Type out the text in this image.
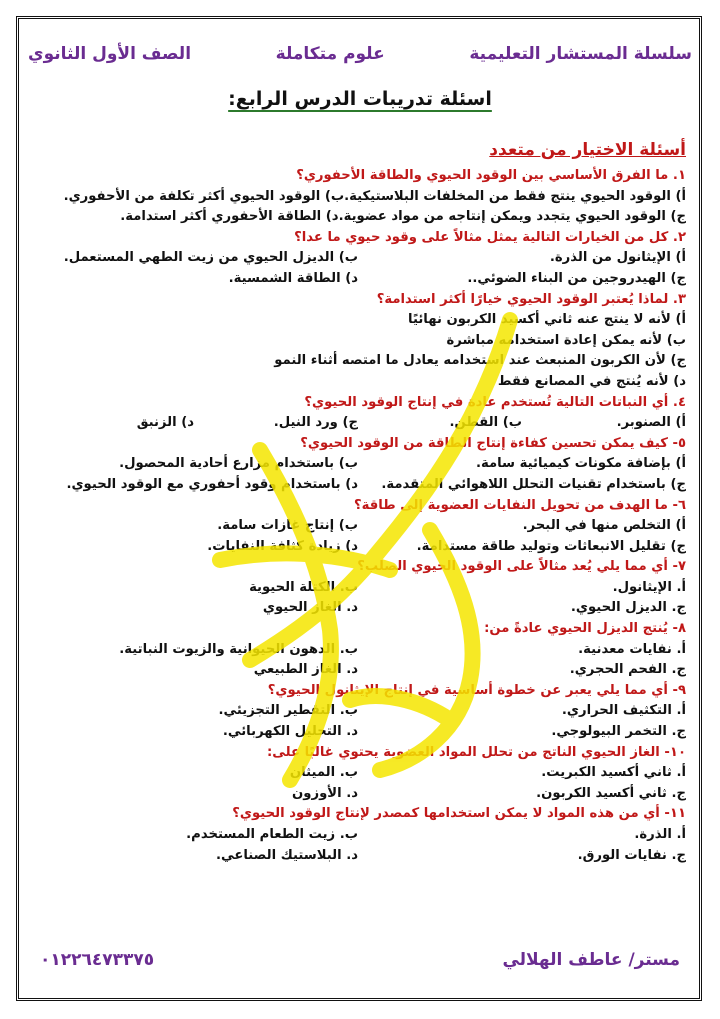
سلسلة المستشار التعليمية
علوم متكاملة
الصف الأول الثانوي
اسئلة تدريبات الدرس الرابع:
أسئلة الاختيار من متعدد
١. ما الفرق الأساسي بين الوقود الحيوي والطاقة الأحفوري؟
أ) الوقود الحيوي ينتج فقط من المخلفات البلاستيكية.
ب) الوقود الحيوي أكثر تكلفة من الأحفوري.
ج) الوقود الحيوي يتجدد ويمكن إنتاجه من مواد عضوية.
د) الطاقة الأحفوري أكثر استدامة.
٢. كل من الخيارات التالية يمثل مثالاً على وقود حيوي ما عدا؟
أ) الإيثانول من الذرة.
ب) الديزل الحيوي من زيت الطهي المستعمل.
ج) الهيدروجين من البناء الضوئي..
د) الطاقة الشمسية.
٣. لماذا يُعتبر الوقود الحيوي خيارًا أكثر استدامة؟
أ) لأنه لا ينتج عنه ثاني أكسيد الكربون نهائيًا
ب) لأنه يمكن إعادة استخدامه مباشرة
ج) لأن الكربون المنبعث عند استخدامه يعادل ما امتصه أثناء النمو
د) لأنه يُنتج في المصانع فقط
٤. أي النباتات التالية تُستخدم عادة في إنتاج الوقود الحيوي؟
أ) الصنوبر.
ب) القطن.
ج) ورد النيل.
د) الزنبق
٥- كيف يمكن تحسين كفاءة إنتاج الطاقة من الوقود الحيوي؟
أ) بإضافة مكونات كيميائية سامة.
ب) باستخدام مزارع أحادية المحصول.
ج) باستخدام تقنيات التحلل اللاهوائي المتقدمة.
د) باستخدام وقود أحفوري مع الوقود الحيوي.
٦- ما الهدف من تحويل النفايات العضوية إلى طاقة؟
أ) التخلص منها في البحر.
ب) إنتاج غازات سامة.
ج) تقليل الانبعاثات وتوليد طاقة مستدامة.
د) زيادة كثافة النفايات.
٧- أي مما يلي يُعد مثالاً على الوقود الحيوي الصلب؟
أ. الإيثانول.
ب. الكتلة الحيوية
ج. الديزل الحيوي.
د. الغاز الحيوي
٨- يُنتج الديزل الحيوي عادةً من:
أ. نفايات معدنية.
ب. الدهون الحيوانية والزيوت النباتية.
ج. الفحم الحجري.
د. الغاز الطبيعي
٩- أي مما يلي يعبر عن خطوة أساسية في إنتاج الإيثانول الحيوي؟
أ. التكثيف الحراري.
ب. التقطير التجزيئي.
ج. التخمر البيولوجي.
د. التحليل الكهربائي.
١٠- الغاز الحيوي الناتج من تحلل المواد العضوية يحتوي غالبًا على:
أ. ثاني أكسيد الكبريت.
ب. الميثان
ج. ثاني أكسيد الكربون.
د. الأوزون
١١- أي من هذه المواد لا يمكن استخدامها كمصدر لإنتاج الوقود الحيوي؟
أ. الذرة.
ب. زيت الطعام المستخدم.
ج. نفايات الورق.
د. البلاستيك الصناعي.
مستر/ عاطف الهلالي
٠١٢٢٦٤٧٣٣٧٥
